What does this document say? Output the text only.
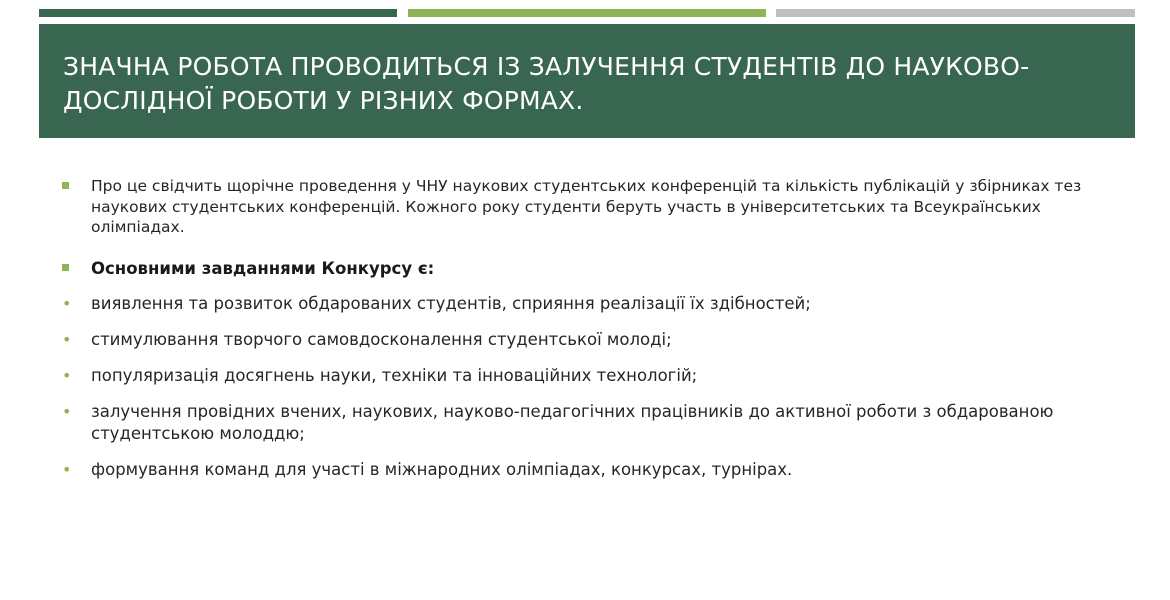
ЗНАЧНА РОБОТА ПРОВОДИТЬСЯ ІЗ ЗАЛУЧЕННЯ СТУДЕНТІВ ДО НАУКОВО-ДОСЛІДНОЇ РОБОТИ У РІЗНИХ ФОРМАХ.
Про це свідчить щорічне проведення у ЧНУ наукових студентських конференцій та кількість публікацій у збірниках тез наукових студентських конференцій. Кожного року студенти беруть участь в університетських та Всеукраїнських олімпіадах.
Основними завданнями Конкурсу є:
• виявлення та розвиток обдарованих студентів, сприяння реалізації їх здібностей;
• стимулювання творчого самовдосконалення студентської молоді;
• популяризація досягнень науки, техніки та інноваційних технологій;
• залучення провідних вчених, наукових, науково-педагогічних працівників до активної роботи з обдарованою студентською молоддю;
• формування команд для участі в міжнародних олімпіадах, конкурсах, турнірах.
